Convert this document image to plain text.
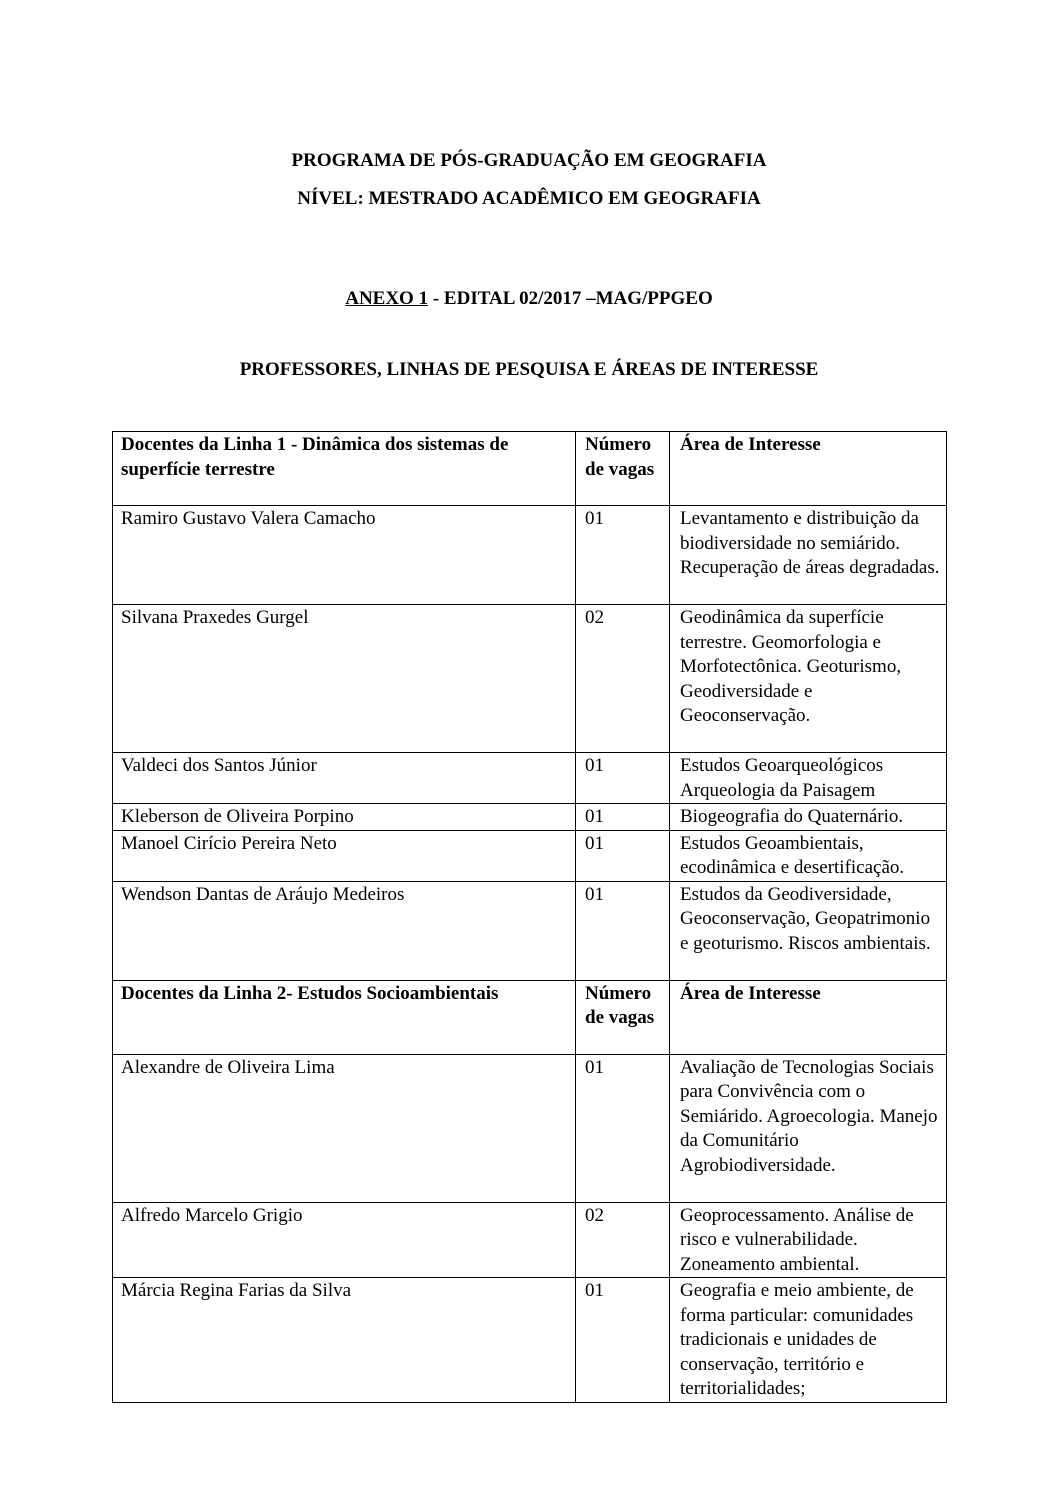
PROGRAMA DE PÓS-GRADUAÇÃO EM GEOGRAFIA
NÍVEL: MESTRADO ACADÊMICO EM GEOGRAFIA
ANEXO 1 - EDITAL 02/2017 –MAG/PPGEO
PROFESSORES, LINHAS DE PESQUISA E ÁREAS DE INTERESSE
Docentes da Linha 1 - Dinâmica dos sistemas de superfície terrestre	Número de vagas	Área de Interesse
Ramiro Gustavo Valera Camacho	01	Levantamento e distribuição da biodiversidade no semiárido. Recuperação de áreas degradadas.
Silvana Praxedes Gurgel	02	Geodinâmica da superfície terrestre. Geomorfologia e Morfotectônica. Geoturismo, Geodiversidade e Geoconservação.
Valdeci dos Santos Júnior	01	Estudos Geoarqueológicos Arqueologia da Paisagem
Kleberson de Oliveira Porpino	01	Biogeografia do Quaternário.
Manoel Cirício Pereira Neto	01	Estudos Geoambientais, ecodinâmica e desertificação.
Wendson Dantas de Aráujo Medeiros	01	Estudos da Geodiversidade, Geoconservação, Geopatrimonio e geoturismo. Riscos ambientais.
Docentes da Linha 2- Estudos Socioambientais	Número de vagas	Área de Interesse
Alexandre de Oliveira Lima	01	Avaliação de Tecnologias Sociais para Convivência com o Semiárido. Agroecologia. Manejo da Comunitário Agrobiodiversidade.
Alfredo Marcelo Grigio	02	Geoprocessamento. Análise de risco e vulnerabilidade. Zoneamento ambiental.
Márcia Regina Farias da Silva	01	Geografia e meio ambiente, de forma particular: comunidades tradicionais e unidades de conservação, território e territorialidades;
